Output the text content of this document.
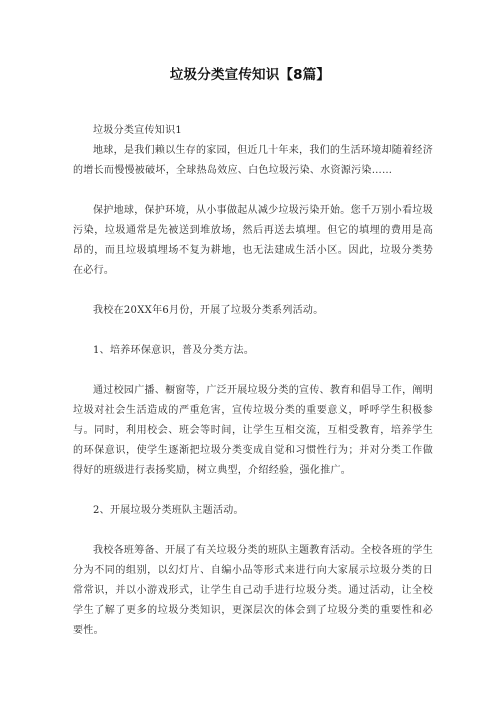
垃圾分类宣传知识【8篇】

垃圾分类宣传知识1

地球，是我们赖以生存的家园，但近几十年来，我们的生活环境却随着经济的增长而慢慢被破坏，全球热岛效应、白色垃圾污染、水资源污染……

保护地球，保护环境，从小事做起从减少垃圾污染开始。您千万别小看垃圾污染，垃圾通常是先被送到堆放场，然后再送去填埋。但它的填埋的费用是高昂的，而且垃圾填埋场不复为耕地，也无法建成生活小区。因此，垃圾分类势在必行。

我校在20XX年6月份，开展了垃圾分类系列活动。

1、培养环保意识，普及分类方法。

通过校园广播、橱窗等，广泛开展垃圾分类的宣传、教育和倡导工作，阐明垃圾对社会生活造成的严重危害，宣传垃圾分类的重要意义，呼呼学生积极参与。同时，利用校会、班会等时间，让学生互相交流，互相受教育，培养学生的环保意识，使学生逐渐把垃圾分类变成自觉和习惯性行为；并对分类工作做得好的班级进行表扬奖励，树立典型，介绍经验，强化推广。

2、开展垃圾分类班队主题活动。

我校各班筹备、开展了有关垃圾分类的班队主题教育活动。全校各班的学生分为不同的组别，以幻灯片、自编小品等形式来进行向大家展示垃圾分类的日常常识，并以小游戏形式，让学生自己动手进行垃圾分类。通过活动，让全校学生了解了更多的垃圾分类知识，更深层次的体会到了垃圾分类的重要性和必要性。
